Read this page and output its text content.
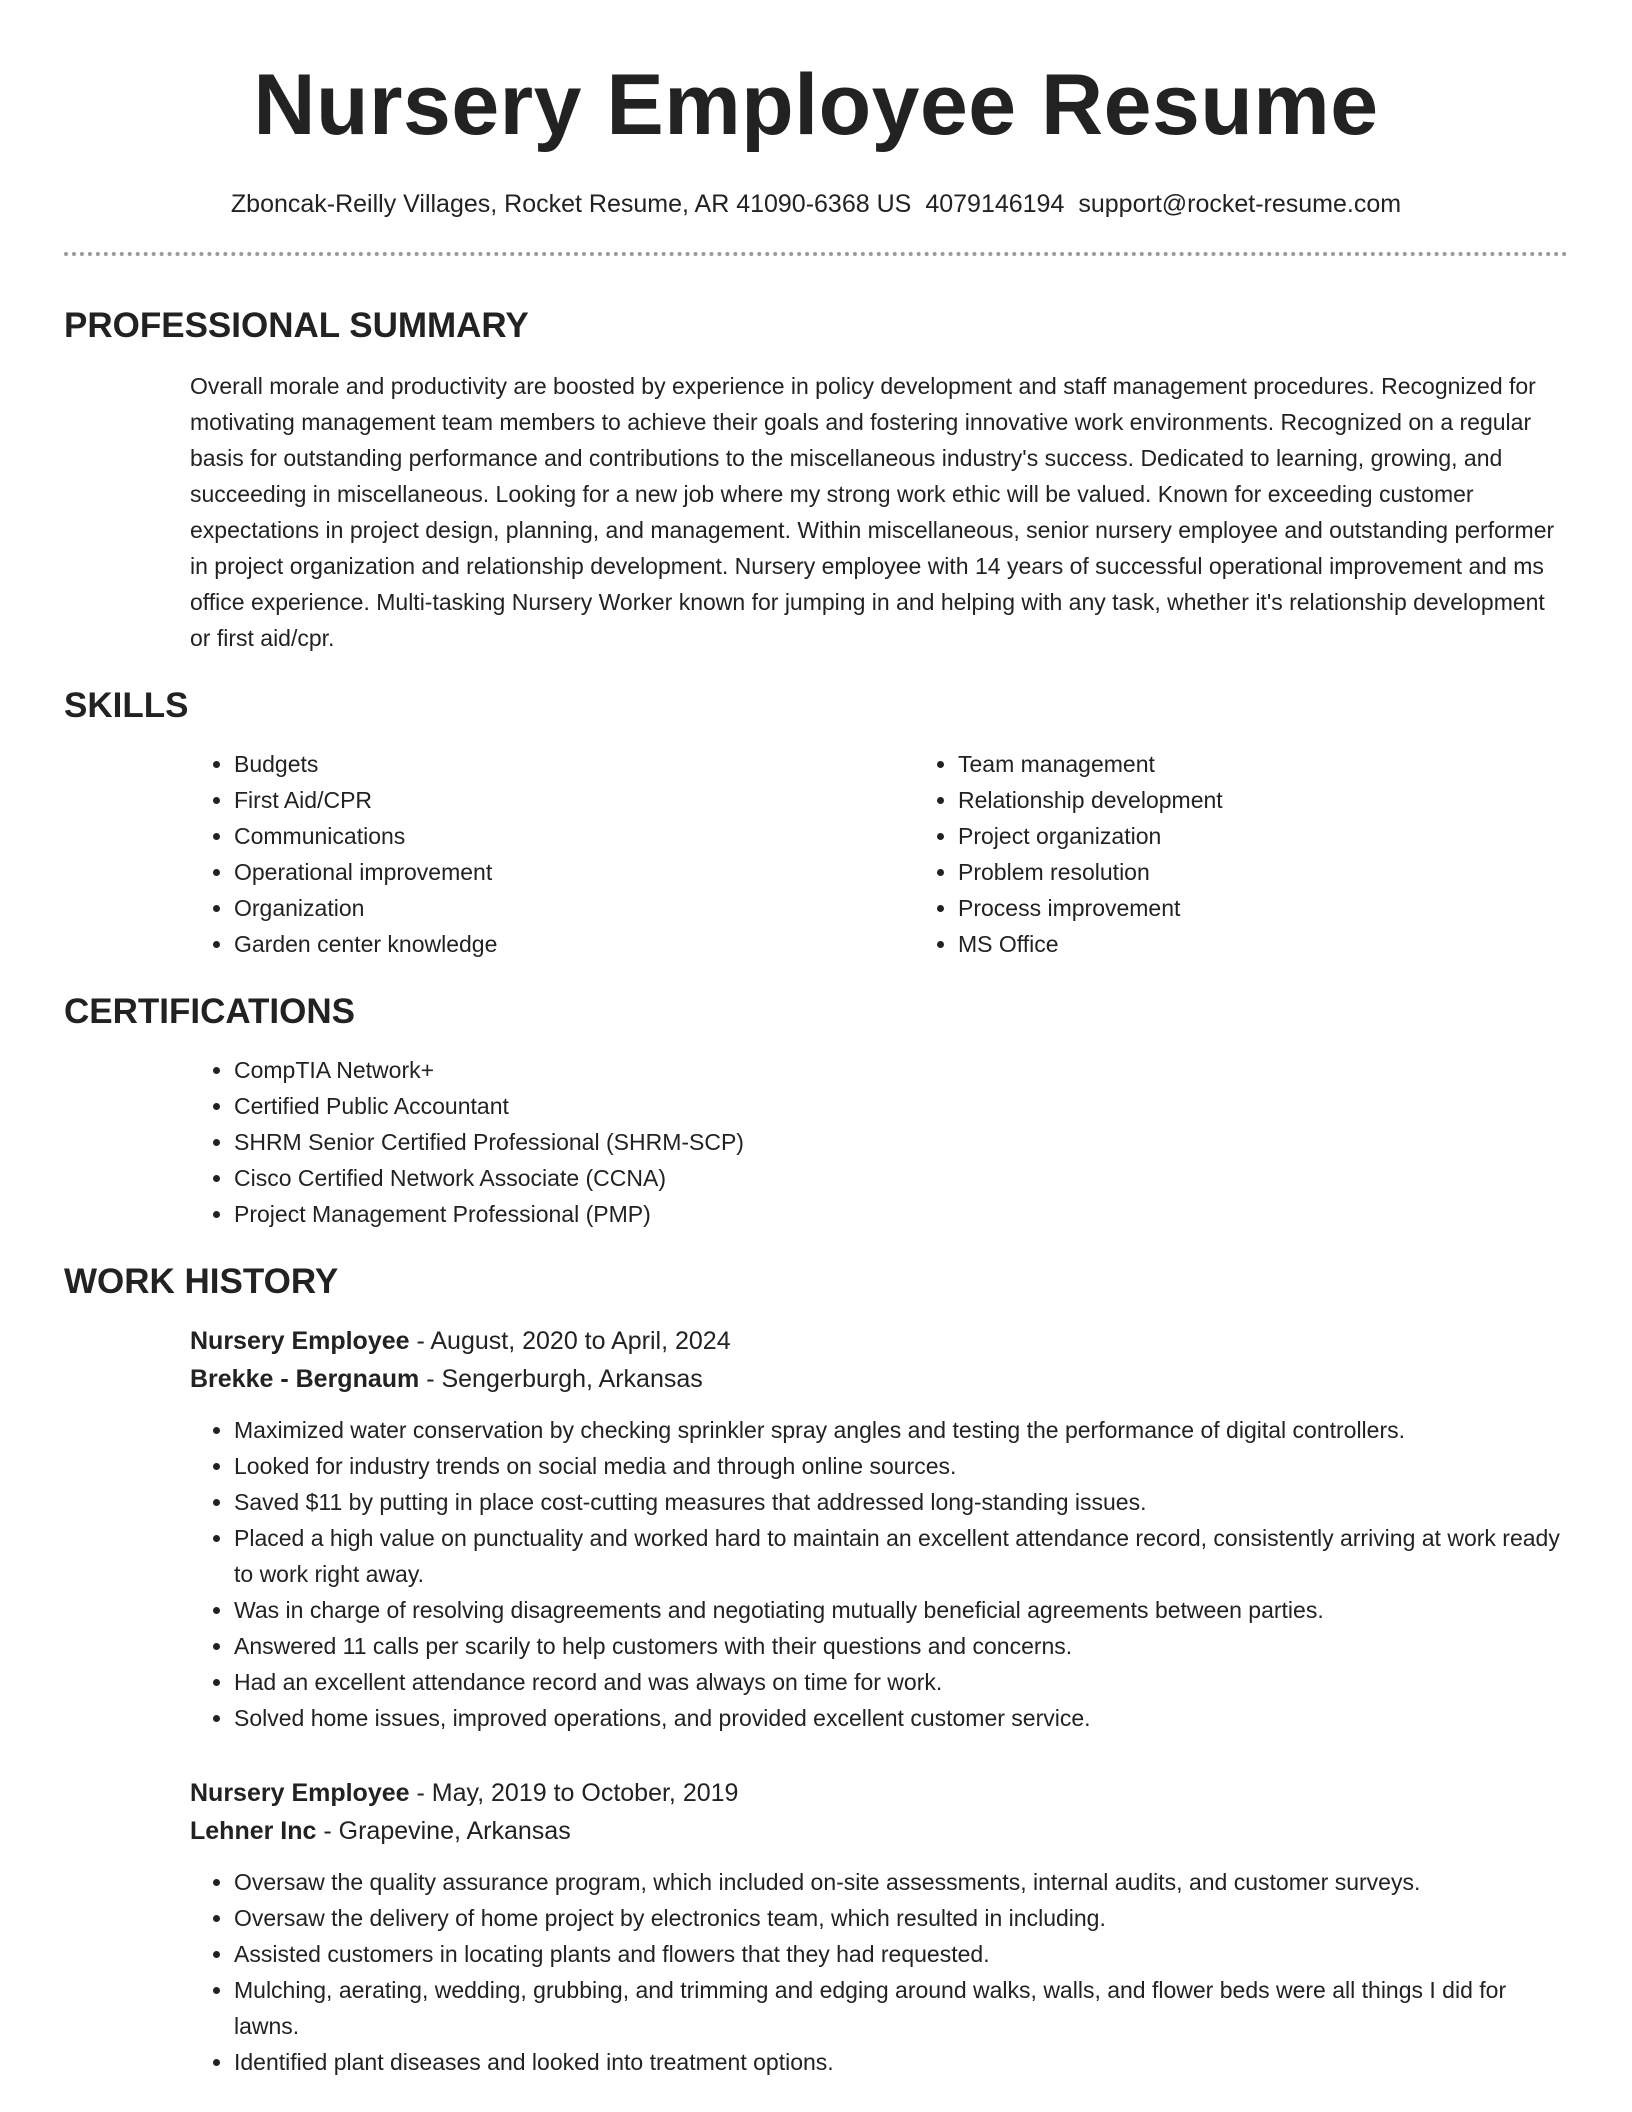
Nursery Employee Resume
Zboncak-Reilly Villages, Rocket Resume, AR 41090-6368 US 4079146194 support@rocket-resume.com
PROFESSIONAL SUMMARY
Overall morale and productivity are boosted by experience in policy development and staff management procedures. Recognized for motivating management team members to achieve their goals and fostering innovative work environments. Recognized on a regular basis for outstanding performance and contributions to the miscellaneous industry's success. Dedicated to learning, growing, and succeeding in miscellaneous. Looking for a new job where my strong work ethic will be valued. Known for exceeding customer expectations in project design, planning, and management. Within miscellaneous, senior nursery employee and outstanding performer in project organization and relationship development. Nursery employee with 14 years of successful operational improvement and ms office experience. Multi-tasking Nursery Worker known for jumping in and helping with any task, whether it's relationship development or first aid/cpr.
SKILLS
• Budgets
• First Aid/CPR
• Communications
• Operational improvement
• Organization
• Garden center knowledge
• Team management
• Relationship development
• Project organization
• Problem resolution
• Process improvement
• MS Office
CERTIFICATIONS
• CompTIA Network+
• Certified Public Accountant
• SHRM Senior Certified Professional (SHRM-SCP)
• Cisco Certified Network Associate (CCNA)
• Project Management Professional (PMP)
WORK HISTORY
Nursery Employee - August, 2020 to April, 2024
Brekke - Bergnaum - Sengerburgh, Arkansas
• Maximized water conservation by checking sprinkler spray angles and testing the performance of digital controllers.
• Looked for industry trends on social media and through online sources.
• Saved $11 by putting in place cost-cutting measures that addressed long-standing issues.
• Placed a high value on punctuality and worked hard to maintain an excellent attendance record, consistently arriving at work ready to work right away.
• Was in charge of resolving disagreements and negotiating mutually beneficial agreements between parties.
• Answered 11 calls per scarily to help customers with their questions and concerns.
• Had an excellent attendance record and was always on time for work.
• Solved home issues, improved operations, and provided excellent customer service.
Nursery Employee - May, 2019 to October, 2019
Lehner Inc - Grapevine, Arkansas
• Oversaw the quality assurance program, which included on-site assessments, internal audits, and customer surveys.
• Oversaw the delivery of home project by electronics team, which resulted in including.
• Assisted customers in locating plants and flowers that they had requested.
• Mulching, aerating, wedding, grubbing, and trimming and edging around walks, walls, and flower beds were all things I did for lawns.
• Identified plant diseases and looked into treatment options.
